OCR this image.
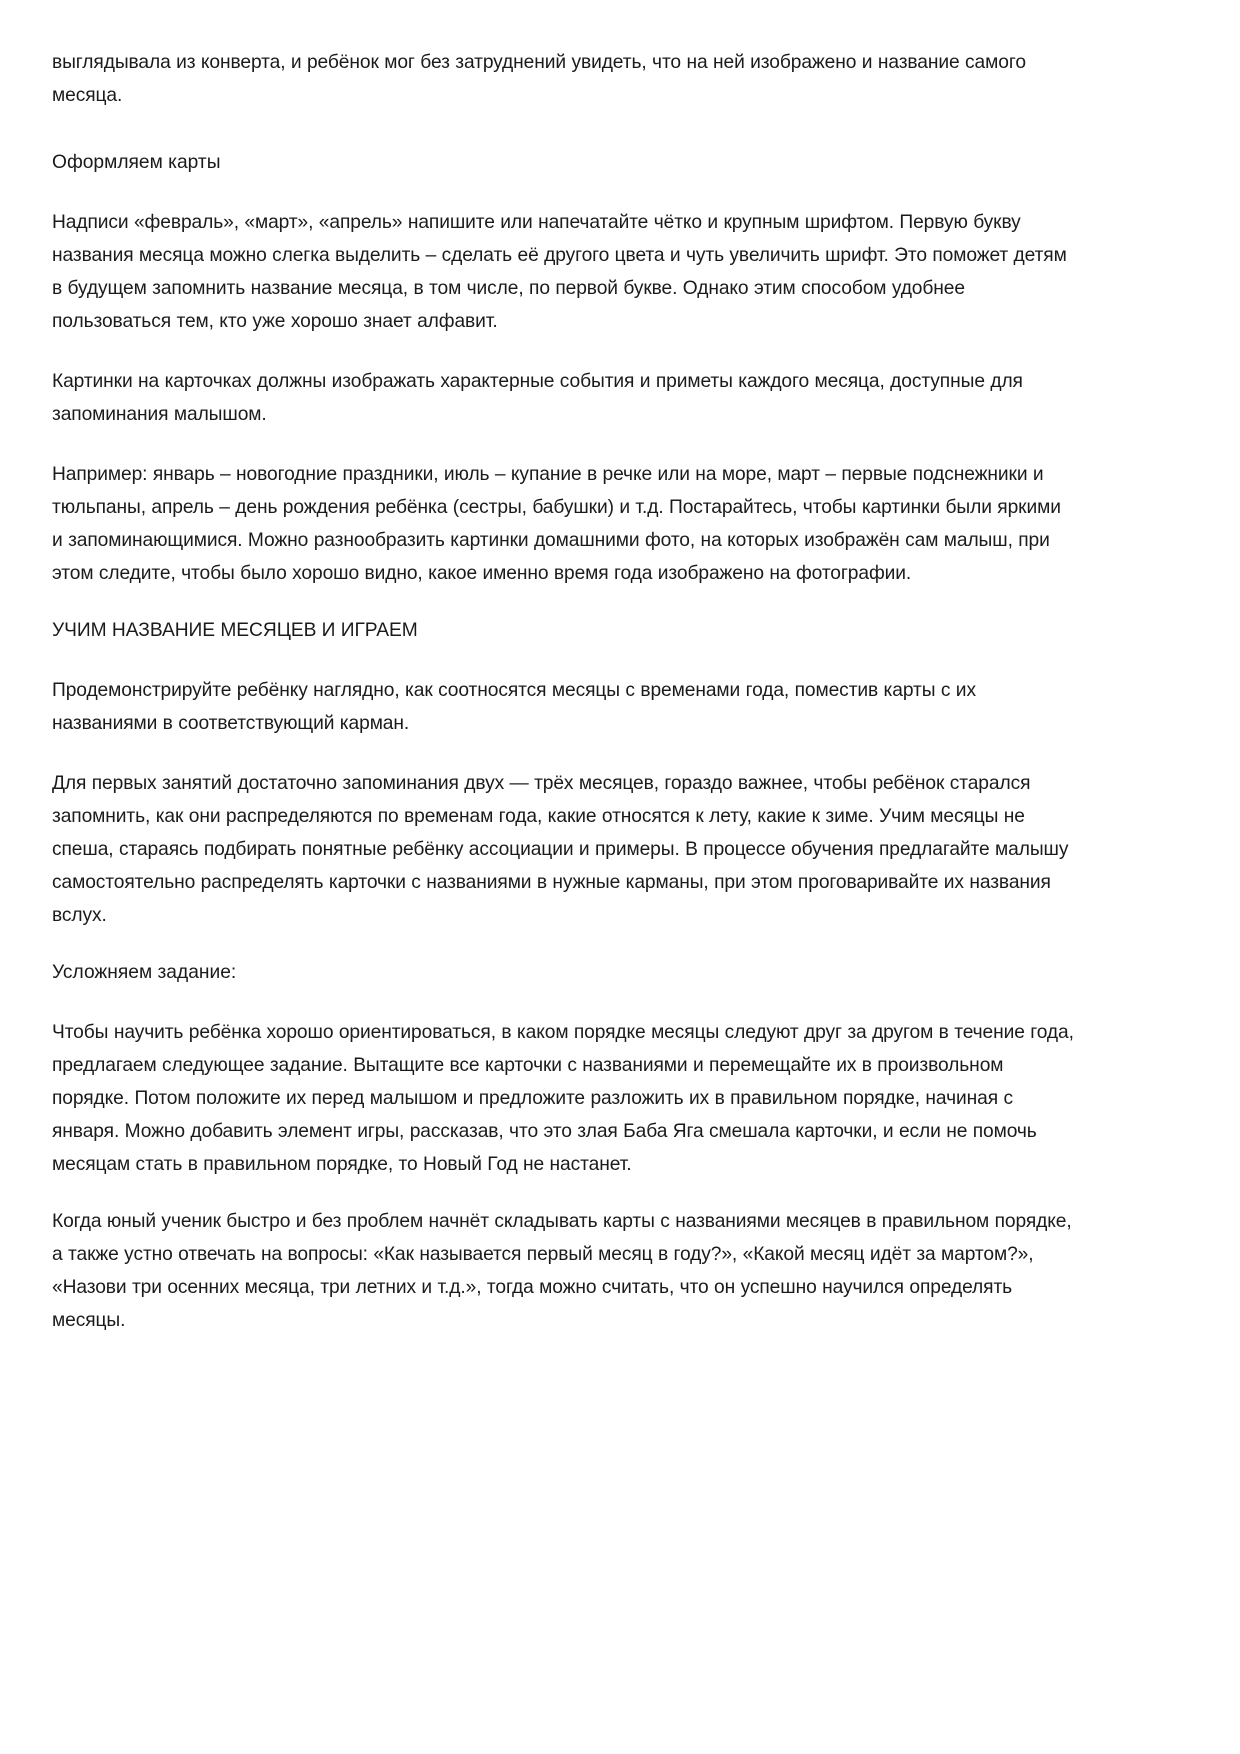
выглядывала из конверта, и ребёнок мог без затруднений увидеть, что на ней изображено и название самого месяца.

Оформляем карты

Надписи «февраль», «март», «апрель» напишите или напечатайте чётко и крупным шрифтом. Первую букву названия месяца можно слегка выделить – сделать её другого цвета и чуть увеличить шрифт. Это поможет детям в будущем запомнить название месяца, в том числе, по первой букве. Однако этим способом удобнее пользоваться тем, кто уже хорошо знает алфавит.

Картинки на карточках должны изображать характерные события и приметы каждого месяца, доступные для запоминания малышом.

Например: январь – новогодние праздники, июль – купание в речке или на море, март – первые подснежники и тюльпаны, апрель – день рождения ребёнка (сестры, бабушки) и т.д. Постарайтесь, чтобы картинки были яркими и запоминающимися. Можно разнообразить картинки домашними фото, на которых изображён сам малыш, при этом следите, чтобы было хорошо видно, какое именно время года изображено на фотографии.

УЧИМ НАЗВАНИЕ МЕСЯЦЕВ И ИГРАЕМ

Продемонстрируйте ребёнку наглядно, как соотносятся месяцы с временами года, поместив карты с их названиями в соответствующий карман.

Для первых занятий достаточно запоминания двух — трёх месяцев, гораздо важнее, чтобы ребёнок старался запомнить, как они распределяются по временам года, какие относятся к лету, какие к зиме. Учим месяцы не спеша, стараясь подбирать понятные ребёнку ассоциации и примеры. В процессе обучения предлагайте малышу самостоятельно распределять карточки с названиями в нужные карманы, при этом проговаривайте их названия вслух.

Усложняем задание:

Чтобы научить ребёнка хорошо ориентироваться, в каком порядке месяцы следуют друг за другом в течение года, предлагаем следующее задание. Вытащите все карточки с названиями и перемещайте их в произвольном порядке. Потом положите их перед малышом и предложите разложить их в правильном порядке, начиная с января. Можно добавить элемент игры, рассказав, что это злая Баба Яга смешала карточки, и если не помочь месяцам стать в правильном порядке, то Новый Год не настанет.

Когда юный ученик быстро и без проблем начнёт складывать карты с названиями месяцев в правильном порядке, а также устно отвечать на вопросы: «Как называется первый месяц в году?», «Какой месяц идёт за мартом?», «Назови три осенних месяца, три летних и т.д.», тогда можно считать, что он успешно научился определять месяцы.
